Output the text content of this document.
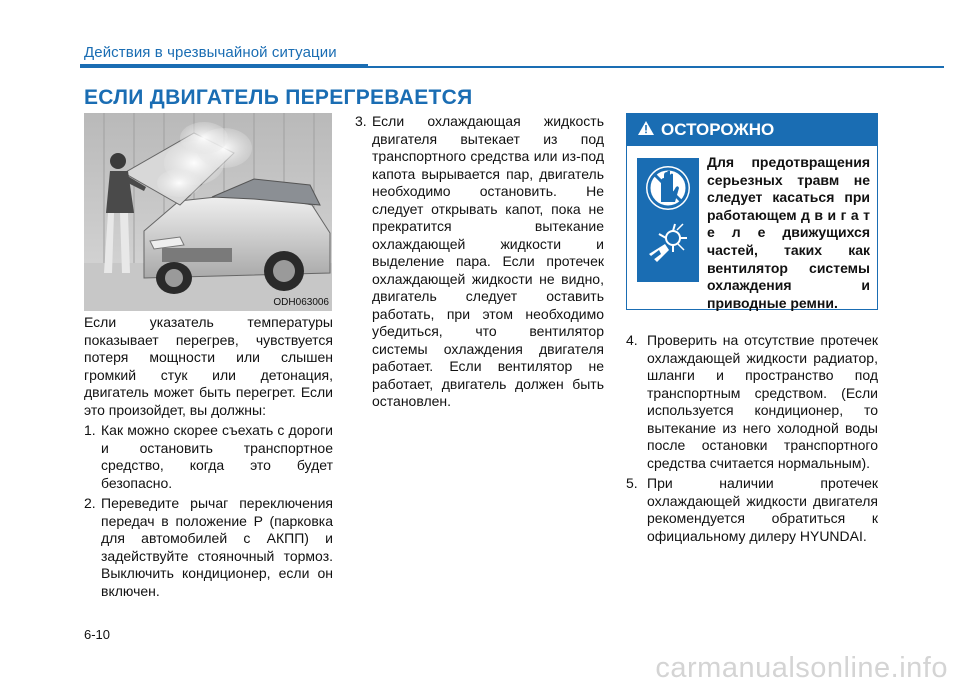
Действия в чрезвычайной ситуации
ЕСЛИ ДВИГАТЕЛЬ ПЕРЕГРЕВАЕТСЯ
ODH063006

Если указатель температуры показывает перегрев, чувствуется потеря мощности или слышен громкий стук или детонация, двигатель может быть перегрет. Если это произойдет, вы должны:

1. Как можно скорее съехать с дороги и остановить транспортное средство, когда это будет безопасно.
2. Переведите рычаг переключения передач в положение P (парковка для автомобилей с АКПП) и задействуйте стояночный тормоз. Выключить кондиционер, если он включен.
3. Если охлаждающая жидкость двигателя вытекает из под транспортного средства или из-под капота вырывается пар, двигатель необходимо остановить. Не следует открывать капот, пока не прекратится вытекание охлаждающей жидкости и выделение пара. Если протечек охлаждающей жидкости не видно, двигатель следует оставить работать, при этом необходимо убедиться, что вентилятор системы охлаждения двигателя работает. Если вентилятор не работает, двигатель должен быть остановлен.
ОСТОРОЖНО
Для предотвращения серьезных травм не следует касаться при работающем д в и г а т е л е движущихся частей, таких как вентилятор системы охлаждения и приводные ремни.
4. Проверить на отсутствие протечек охлаждающей жидкости радиатор, шланги и пространство под транспортным средством. (Если используется кондиционер, то вытекание из него холодной воды после остановки транспортного средства считается нормальным).
5. При наличии протечек охлаждающей жидкости двигателя рекомендуется обратиться к официальному дилеру HYUNDAI.
6-10
carmanualsonline.info
